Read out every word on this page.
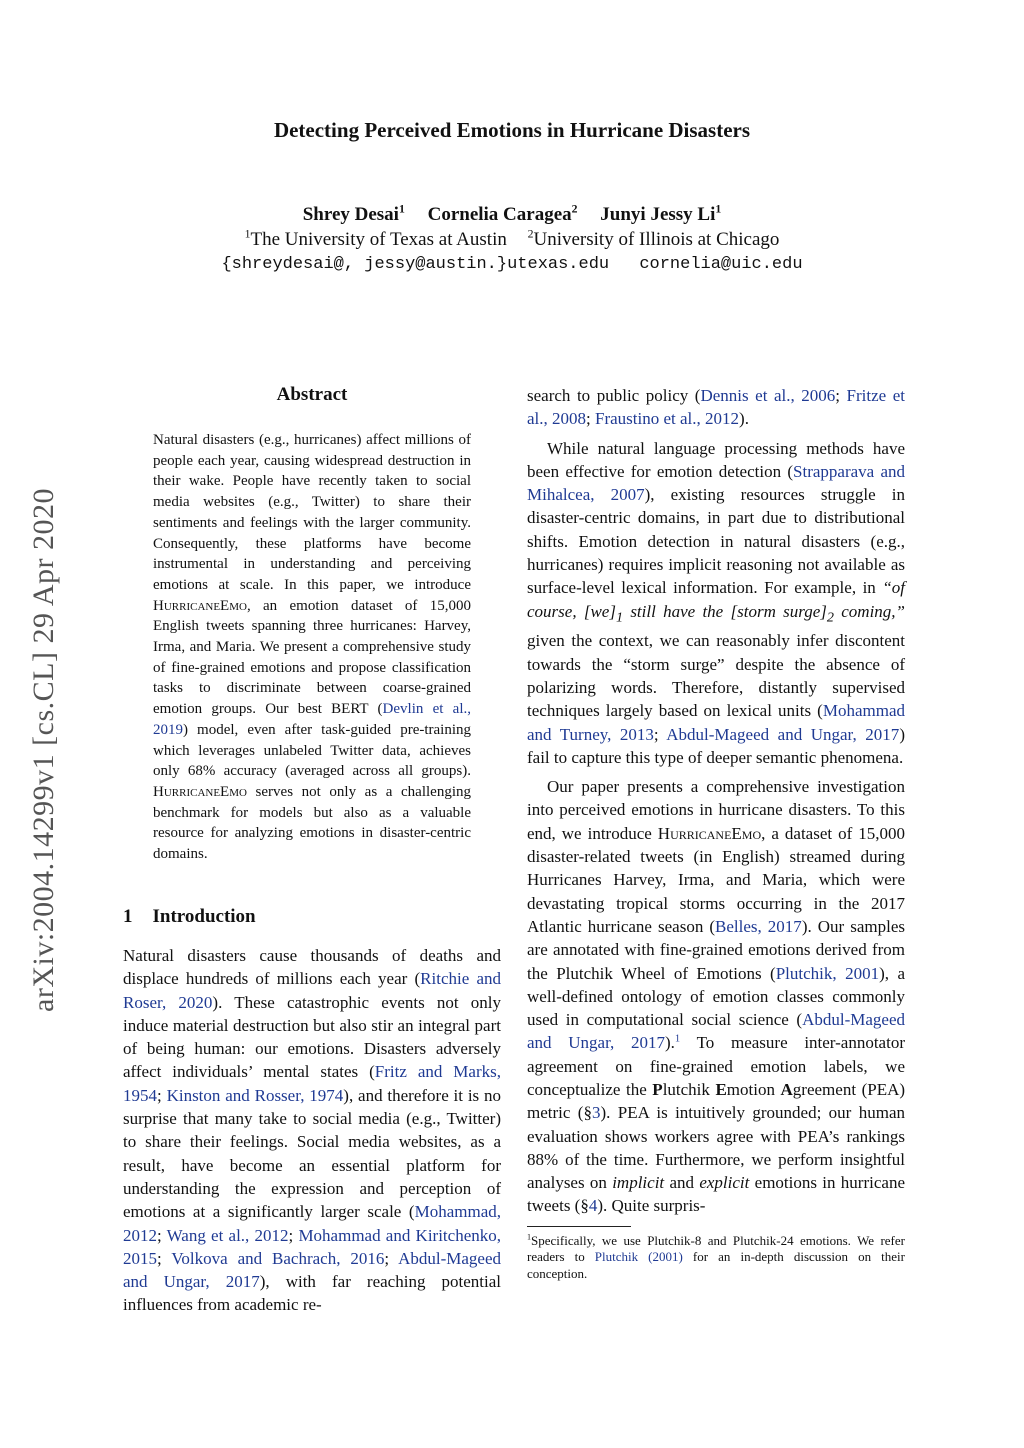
arXiv:2004.14299v1 [cs.CL] 29 Apr 2020
Detecting Perceived Emotions in Hurricane Disasters
Shrey Desai$^1$ Cornelia Caragea$^2$ Junyi Jessy Li$^1$
$^1$The University of Texas at Austin $^2$University of Illinois at Chicago
{shreydesai@, jessy@austin.}utexas.edu cornelia@uic.edu
Abstract
Natural disasters (e.g., hurricanes) affect millions of people each year, causing widespread destruction in their wake. People have recently taken to social media websites (e.g., Twitter) to share their sentiments and feelings with the larger community. Consequently, these platforms have become instrumental in understanding and perceiving emotions at scale. In this paper, we introduce HurricaneEmo, an emotion dataset of 15,000 English tweets spanning three hurricanes: Harvey, Irma, and Maria. We present a comprehensive study of fine-grained emotions and propose classification tasks to discriminate between coarse-grained emotion groups. Our best BERT (Devlin et al., 2019) model, even after task-guided pre-training which leverages unlabeled Twitter data, achieves only 68% accuracy (averaged across all groups). HurricaneEmo serves not only as a challenging benchmark for models but also as a valuable resource for analyzing emotions in disaster-centric domains.
1 Introduction
Natural disasters cause thousands of deaths and displace hundreds of millions each year (Ritchie and Roser, 2020). These catastrophic events not only induce material destruction but also stir an integral part of being human: our emotions. Disasters adversely affect individuals’ mental states (Fritz and Marks, 1954; Kinston and Rosser, 1974), and therefore it is no surprise that many take to social media (e.g., Twitter) to share their feelings. Social media websites, as a result, have become an essential platform for understanding the expression and perception of emotions at a significantly larger scale (Mohammad, 2012; Wang et al., 2012; Mohammad and Kiritchenko, 2015; Volkova and Bachrach, 2016; Abdul-Mageed and Ungar, 2017), with far reaching potential influences from academic re-

search to public policy (Dennis et al., 2006; Fritze et al., 2008; Fraustino et al., 2012).

While natural language processing methods have been effective for emotion detection (Strapparava and Mihalcea, 2007), existing resources struggle in disaster-centric domains, in part due to distributional shifts. Emotion detection in natural disasters (e.g., hurricanes) requires implicit reasoning not available as surface-level lexical information. For example, in “of course, $[we]_1$ still have the [storm $surge]_2$ coming,” given the context, we can reasonably infer discontent towards the “storm surge” despite the absence of polarizing words. Therefore, distantly supervised techniques largely based on lexical units (Mohammad and Turney, 2013; Abdul-Mageed and Ungar, 2017) fail to capture this type of deeper semantic phenomena.

Our paper presents a comprehensive investigation into perceived emotions in hurricane disasters. To this end, we introduce HurricaneEmo, a dataset of 15,000 disaster-related tweets (in English) streamed during Hurricanes Harvey, Irma, and Maria, which were devastating tropical storms occurring in the 2017 Atlantic hurricane season (Belles, 2017). Our samples are annotated with fine-grained emotions derived from the Plutchik Wheel of Emotions (Plutchik, 2001), a well-defined ontology of emotion classes commonly used in computational social science (Abdul-Mageed and Ungar, 2017).$^1$ To measure inter-annotator agreement on fine-grained emotion labels, we conceptualize the Plutchik Emotion Agreement (PEA) metric (§3). PEA is intuitively grounded; our human evaluation shows workers agree with PEA’s rankings 88% of the time. Furthermore, we perform insightful analyses on implicit and explicit emotions in hurricane tweets (§4). Quite surpris-

$^1$Specifically, we use Plutchik-8 and Plutchik-24 emotions. We refer readers to Plutchik (2001) for an in-depth discussion on their conception.
